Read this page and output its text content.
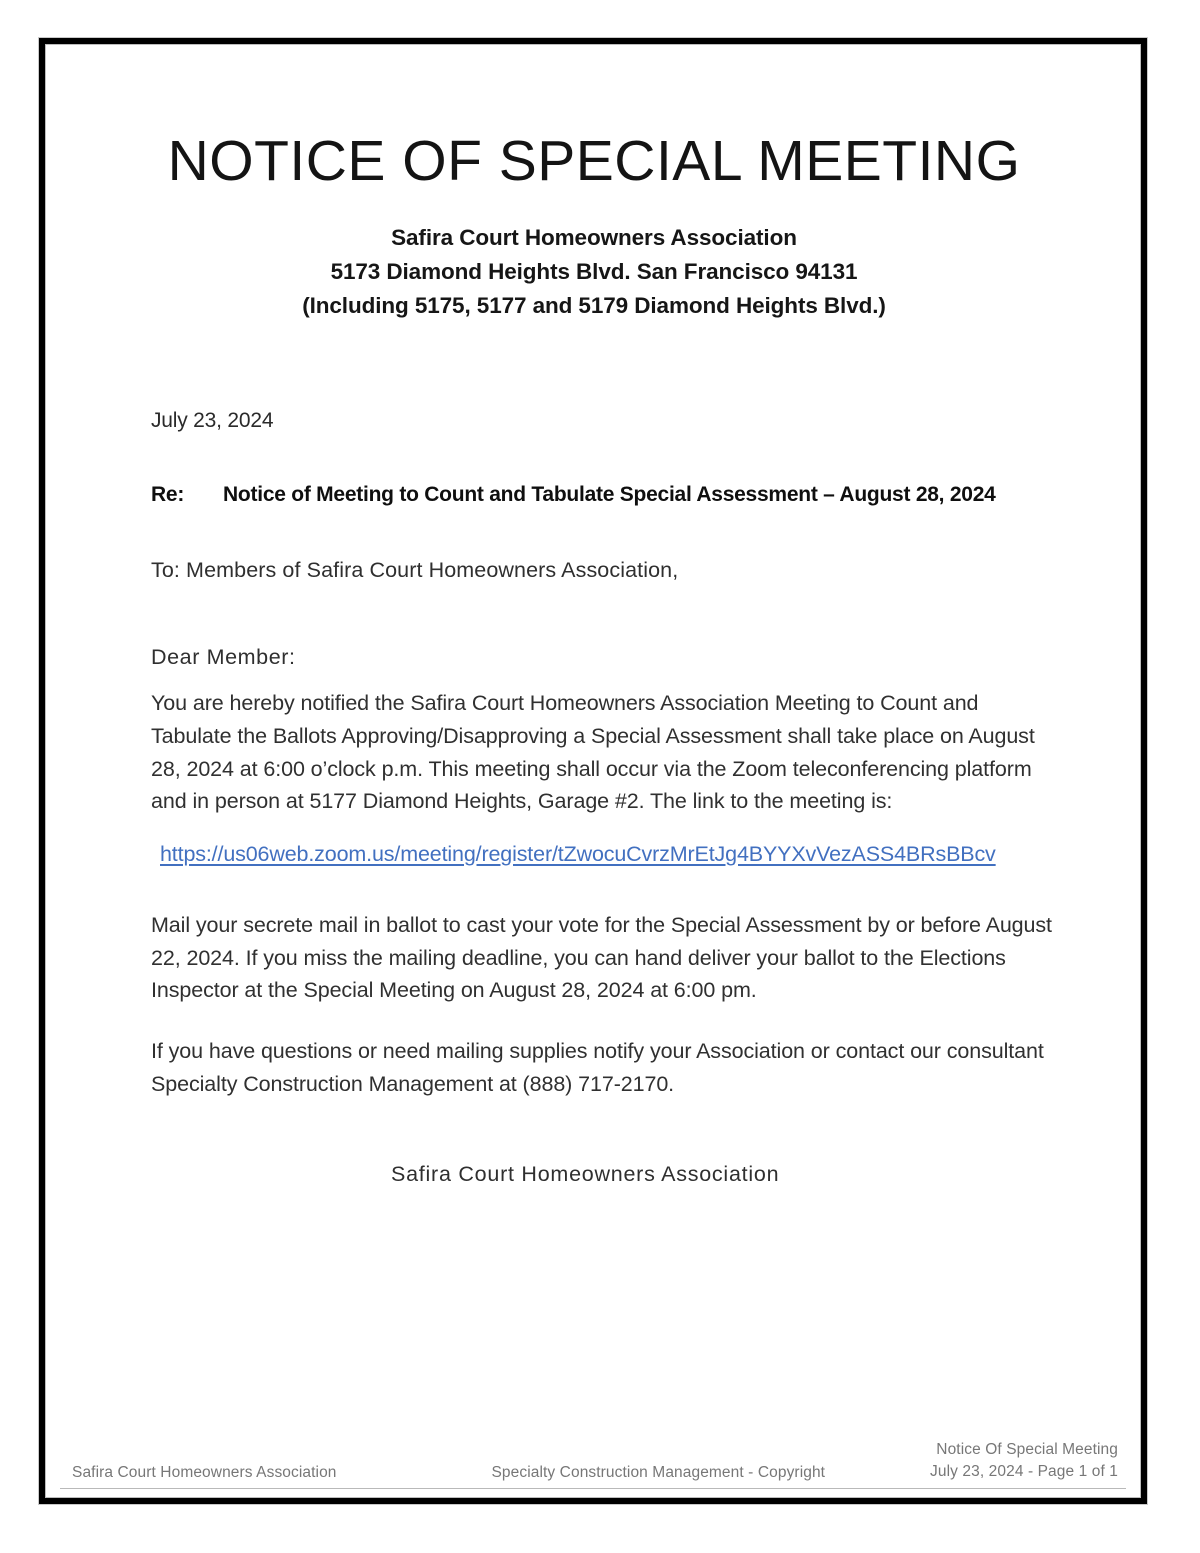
NOTICE OF SPECIAL MEETING
Safira Court Homeowners Association
5173 Diamond Heights Blvd. San Francisco 94131
(Including 5175, 5177 and 5179 Diamond Heights Blvd.)
July 23, 2024
Re: Notice of Meeting to Count and Tabulate Special Assessment – August 28, 2024
To: Members of Safira Court Homeowners Association,
Dear Member:

You are hereby notified the Safira Court Homeowners Association Meeting to Count and Tabulate the Ballots Approving/Disapproving a Special Assessment shall take place on August 28, 2024 at 6:00 o’clock p.m. This meeting shall occur via the Zoom teleconferencing platform and in person at 5177 Diamond Heights, Garage #2. The link to the meeting is:

https://us06web.zoom.us/meeting/register/tZwocuCvrzMrEtJg4BYYXvVezASS4BRsBBcv

Mail your secrete mail in ballot to cast your vote for the Special Assessment by or before August 22, 2024. If you miss the mailing deadline, you can hand deliver your ballot to the Elections Inspector at the Special Meeting on August 28, 2024 at 6:00 pm.

If you have questions or need mailing supplies notify your Association or contact our consultant Specialty Construction Management at (888) 717-2170.

Safira Court Homeowners Association
Safira Court Homeowners Association	Specialty Construction Management - Copyright
Notice Of Special Meeting
July 23, 2024 - Page 1 of 1
